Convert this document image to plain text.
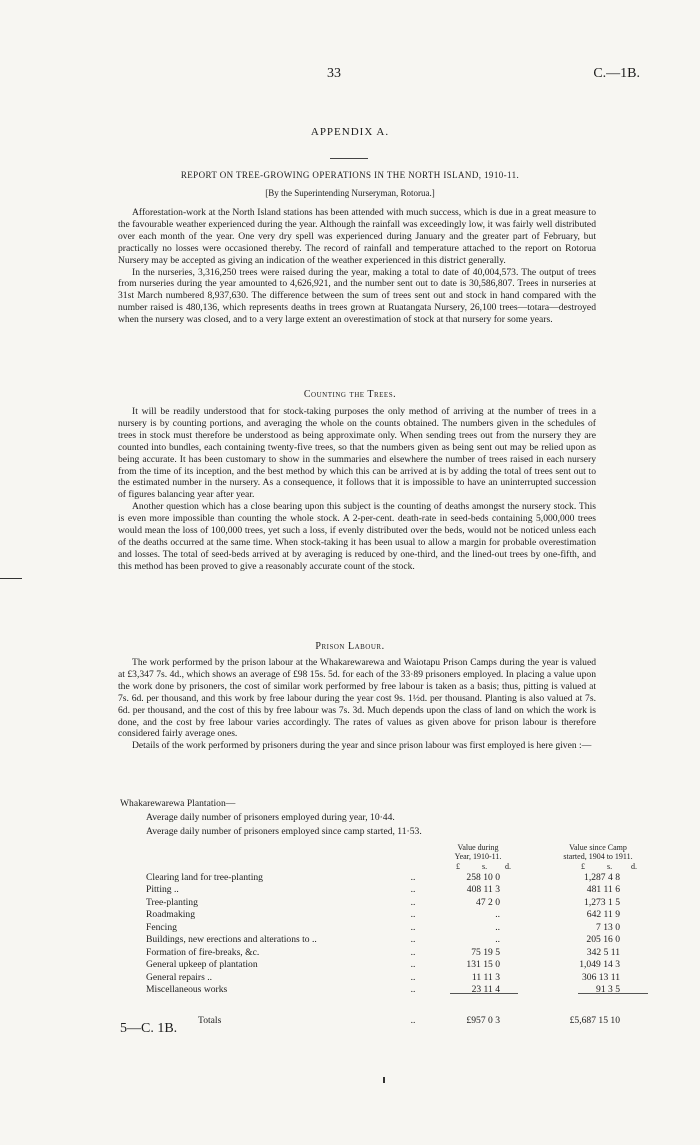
33	C.—1B.
APPENDIX A.
REPORT ON TREE-GROWING OPERATIONS IN THE NORTH ISLAND, 1910-11.
[By the Superintending Nurseryman, Rotorua.]

Afforestation-work at the North Island stations has been attended with much success, which is due in a great measure to the favourable weather experienced during the year. Although the rainfall was exceedingly low, it was fairly well distributed over each month of the year. One very dry spell was experienced during January and the greater part of February, but practically no losses were occasioned thereby. The record of rainfall and temperature attached to the report on Rotorua Nursery may be accepted as giving an indication of the weather experienced in this district generally.

In the nurseries, 3,316,250 trees were raised during the year, making a total to date of 40,004,573. The output of trees from nurseries during the year amounted to 4,626,921, and the number sent out to date is 30,586,807. Trees in nurseries at 31st March numbered 8,937,630. The difference between the sum of trees sent out and stock in hand compared with the number raised is 480,136, which represents deaths in trees grown at Ruatangata Nursery, 26,100 trees—totara—destroyed when the nursery was closed, and to a very large extent an overestimation of stock at that nursery for some years.

Counting the Trees.

It will be readily understood that for stock-taking purposes the only method of arriving at the number of trees in a nursery is by counting portions, and averaging the whole on the counts obtained. The numbers given in the schedules of trees in stock must therefore be understood as being approximate only. When sending trees out from the nursery they are counted into bundles, each containing twenty-five trees, so that the numbers given as being sent out may be relied upon as being accurate. It has been customary to show in the summaries and elsewhere the number of trees raised in each nursery from the time of its inception, and the best method by which this can be arrived at is by adding the total of trees sent out to the estimated number in the nursery. As a consequence, it follows that it is impossible to have an uninterrupted succession of figures balancing year after year.

Another question which has a close bearing upon this subject is the counting of deaths amongst the nursery stock. This is even more impossible than counting the whole stock. A 2-per-cent. death-rate in seed-beds containing 5,000,000 trees would mean the loss of 100,000 trees, yet such a loss, if evenly distributed over the beds, would not be noticed unless each of the deaths occurred at the same time. When stock-taking it has been usual to allow a margin for probable overestimation and losses. The total of seed-beds arrived at by averaging is reduced by one-third, and the lined-out trees by one-fifth, and this method has been proved to give a reasonably accurate count of the stock.

Prison Labour.

The work performed by the prison labour at the Whakarewarewa and Waiotapu Prison Camps during the year is valued at £3,347 7s. 4d., which shows an average of £98 15s. 5d. for each of the 33·89 prisoners employed. In placing a value upon the work done by prisoners, the cost of similar work performed by free labour is taken as a basis; thus, pitting is valued at 7s. 6d. per thousand, and this work by free labour during the year cost 9s. 1½d. per thousand. Planting is also valued at 7s. 6d. per thousand, and the cost of this by free labour was 7s. 3d. Much depends upon the class of land on which the work is done, and the cost by free labour varies accordingly. The rates of values as given above for prison labour is therefore considered fairly average ones.

Details of the work performed by prisoners during the year and since prison labour was first employed is here given :—

Whakarewarewa Plantation—
Average daily number of prisoners employed during year, 10·44.
Average daily number of prisoners employed since camp started, 11·53.
Value during
Year, 1910-11.
Value since Camp
started, 1904 to 1911.
£	s. d.	£	s. d.
Clearing land for tree-planting	..	258 10 0		1,287 4 8
Pitting ..	..	408 11 3		481 11 6
Tree-planting	..	47 2 0		1,273 1 5
Roadmaking	..	..		642 11 9
Fencing	..	..		7 13 0
Buildings, new erections and alterations to ..	..	..		205 16 0
Formation of fire-breaks, &c.	..	75 19 5		342 5 11
General upkeep of plantation	..	131 15 0		1,049 14 3
General repairs ..	..	11 11 3		306 13 11
Miscellaneous works	..	23 11 4		91 3 5
Totals	..	£957 0 3		£5,687 15 10
5—C. 1B.
